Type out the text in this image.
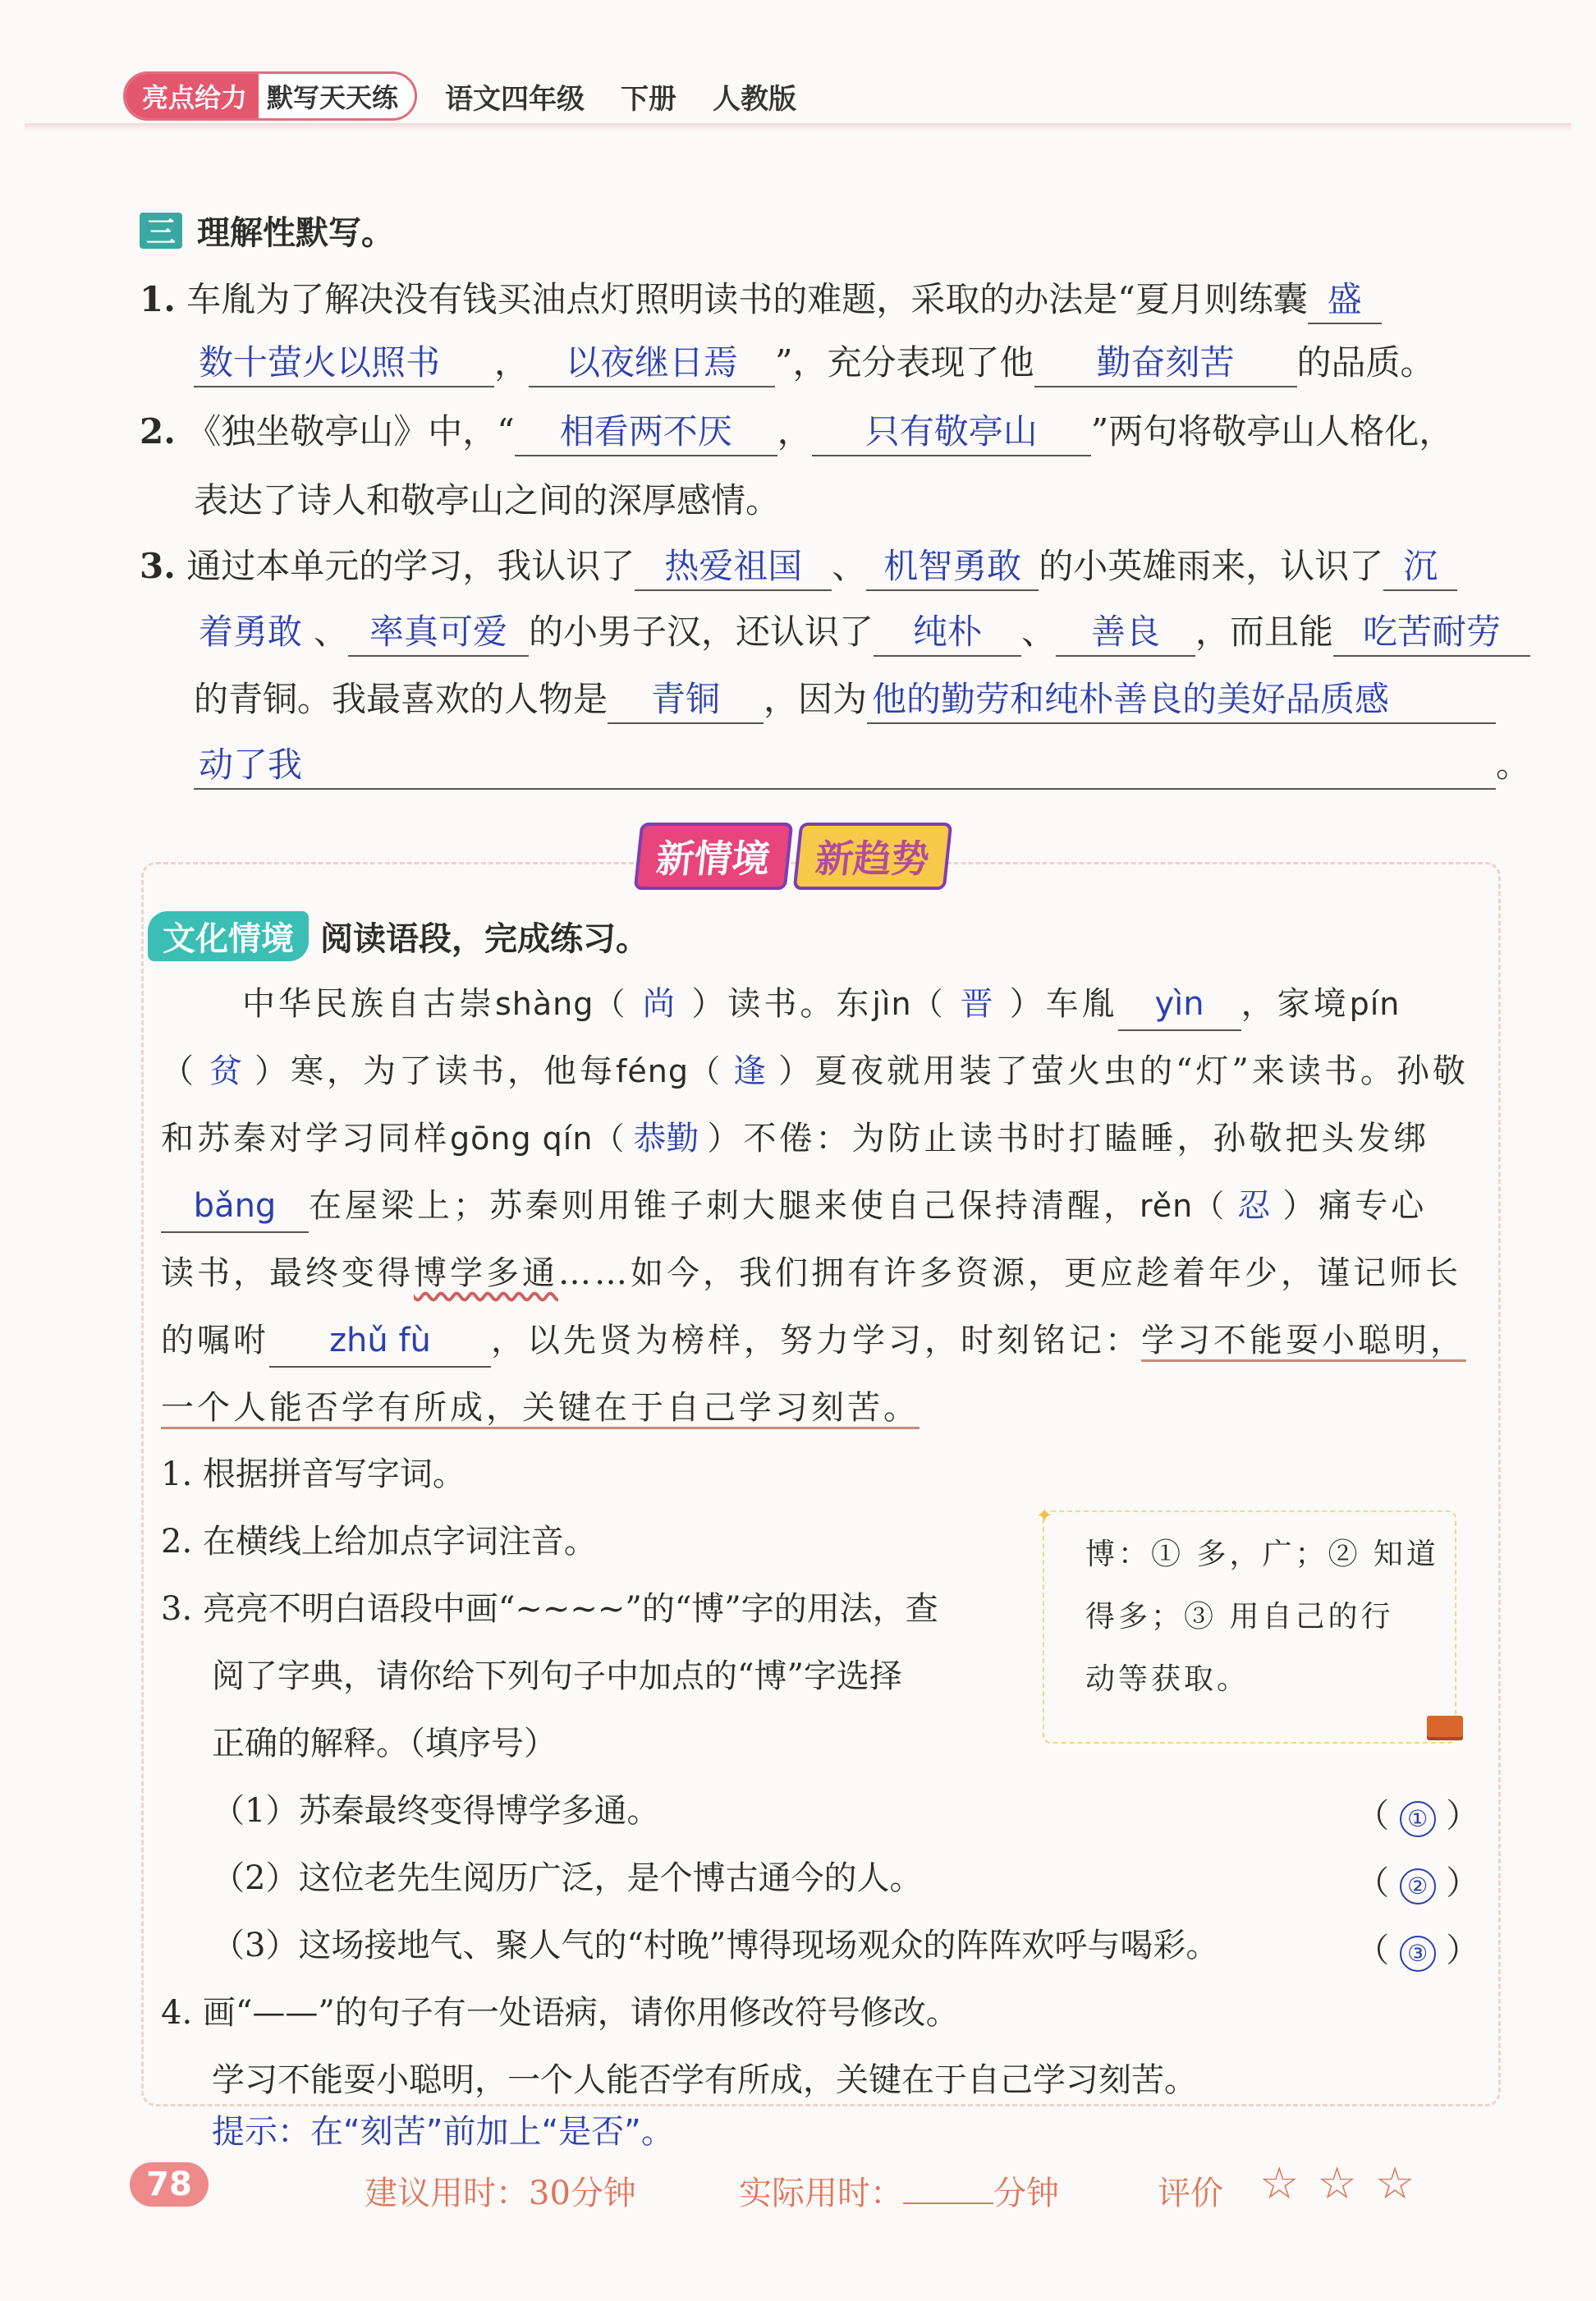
亮点给力 默写天天练	语文四年级 下册 人教版
三 理解性默写。
1. 车胤为了解决没有钱买油点灯照明读书的难题，采取的办法是“夏月则练囊 盛
数十萤火以照书 ， 以夜继日焉 ”，充分表现了他 勤奋刻苦 的品质。
2. 《独坐敬亭山》中，“ 相看两不厌 ， 只有敬亭山 ”两句将敬亭山人格化，
表达了诗人和敬亭山之间的深厚感情。
3. 通过本单元的学习，我认识了 热爱祖国 、 机智勇敢 的小英雄雨来，认识了 沉
着勇敢 、 率真可爱 的小男子汉，还认识了 纯朴 、 善良 ，而且能 吃苦耐劳
的青铜。我最喜欢的人物是 青铜 ，因为 他的勤劳和纯朴善良的美好品质感
动了我	。
新情境	新趋势
文化情境 阅读语段，完成练习。
中华民族自古崇shàng（ 尚 ）读书。东jìn（ 晋 ）车胤 yìn ，家境pín
（ 贫 ）寒，为了读书，他每féng（ 逢 ）夏夜就用装了萤火虫的“灯”来读书。孙敬
和苏秦对学习同样gōng qín（ 恭勤 ）不倦：为防止读书时打瞌睡，孙敬把头发绑
bǎng 在屋梁上；苏秦则用锥子刺大腿来使自己保持清醒，rěn（ 忍 ）痛专心
读书，最终变得博学多通……如今，我们拥有许多资源，更应趁着年少，谨记师长
的嘱咐 zhǔ fù ，以先贤为榜样，努力学习，时刻铭记：学习不能耍小聪明，
一个人能否学有所成，关键在于自己学习刻苦。
1. 根据拼音写字词。
2. 在横线上给加点字词注音。
3. 亮亮不明白语段中画“~~~~”的“博”字的用法，查
阅了字典，请你给下列句子中加点的“博”字选择
正确的解释。（填序号）

博：① 多，广；② 知道

得多；③ 用自己的行

动等获取。

✦
（1）苏秦最终变得博学多通。	（ ① ）
（2）这位老先生阅历广泛，是个博古通今的人。	（ ② ）
（3）这场接地气、聚人气的“村晚”博得现场观众的阵阵欢呼与喝彩。	（ ③ ）
4. 画“——”的句子有一处语病，请你用修改符号修改。
学习不能耍小聪明，一个人能否学有所成，关键在于自己学习刻苦。
提示：在“刻苦”前加上“是否”。
78	建议用时：30分钟	实际用时：	分钟	评价 ☆ ☆ ☆
